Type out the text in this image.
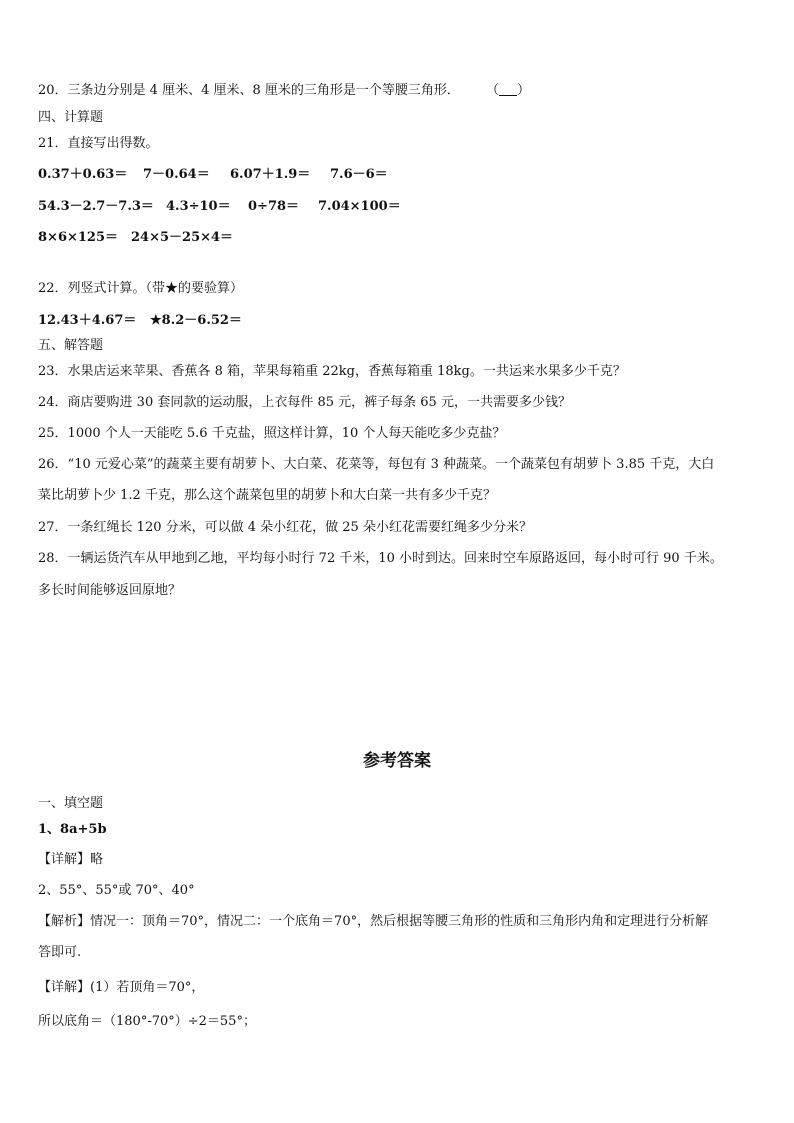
20．三条边分别是 4 厘米、4 厘米、8 厘米的三角形是一个等腰三角形． （ ）
四、计算题
21．直接写出得数。
0.37＋0.63＝ 7－0.64＝ 6.07＋1.9＝ 7.6－6＝
54.3－2.7－7.3＝ 4.3÷10＝ 0÷78＝ 7.04×100＝
8×6×125＝ 24×5－25×4＝
22．列竖式计算。（带★的要验算）
12.43＋4.67＝ ★8.2－6.52＝
五、解答题
23．水果店运来苹果、香蕉各 8 箱，苹果每箱重 22kg，香蕉每箱重 18kg。一共运来水果多少千克？
24．商店要购进 30 套同款的运动服，上衣每件 85 元，裤子每条 65 元，一共需要多少钱？
25．1000 个人一天能吃 5.6 千克盐，照这样计算，10 个人每天能吃多少克盐？
26．“10 元爱心菜”的蔬菜主要有胡萝卜、大白菜、花菜等，每包有 3 种蔬菜。一个蔬菜包有胡萝卜 3.85 千克，大白
菜比胡萝卜少 1.2 千克，那么这个蔬菜包里的胡萝卜和大白菜一共有多少千克？
27．一条红绳长 120 分米，可以做 4 朵小红花，做 25 朵小红花需要红绳多少分米？
28．一辆运货汽车从甲地到乙地，平均每小时行 72 千米，10 小时到达。回来时空车原路返回，每小时可行 90 千米。
多长时间能够返回原地？
参考答案
一、填空题
1、8a+5b
【详解】略
2、55°、55°或 70°、40°
【解析】情况一：顶角＝70°，情况二：一个底角＝70°，然后根据等腰三角形的性质和三角形内角和定理进行分析解
答即可.
【详解】(1）若顶角＝70°，
所以底角＝（180°-70°）÷2＝55°；
